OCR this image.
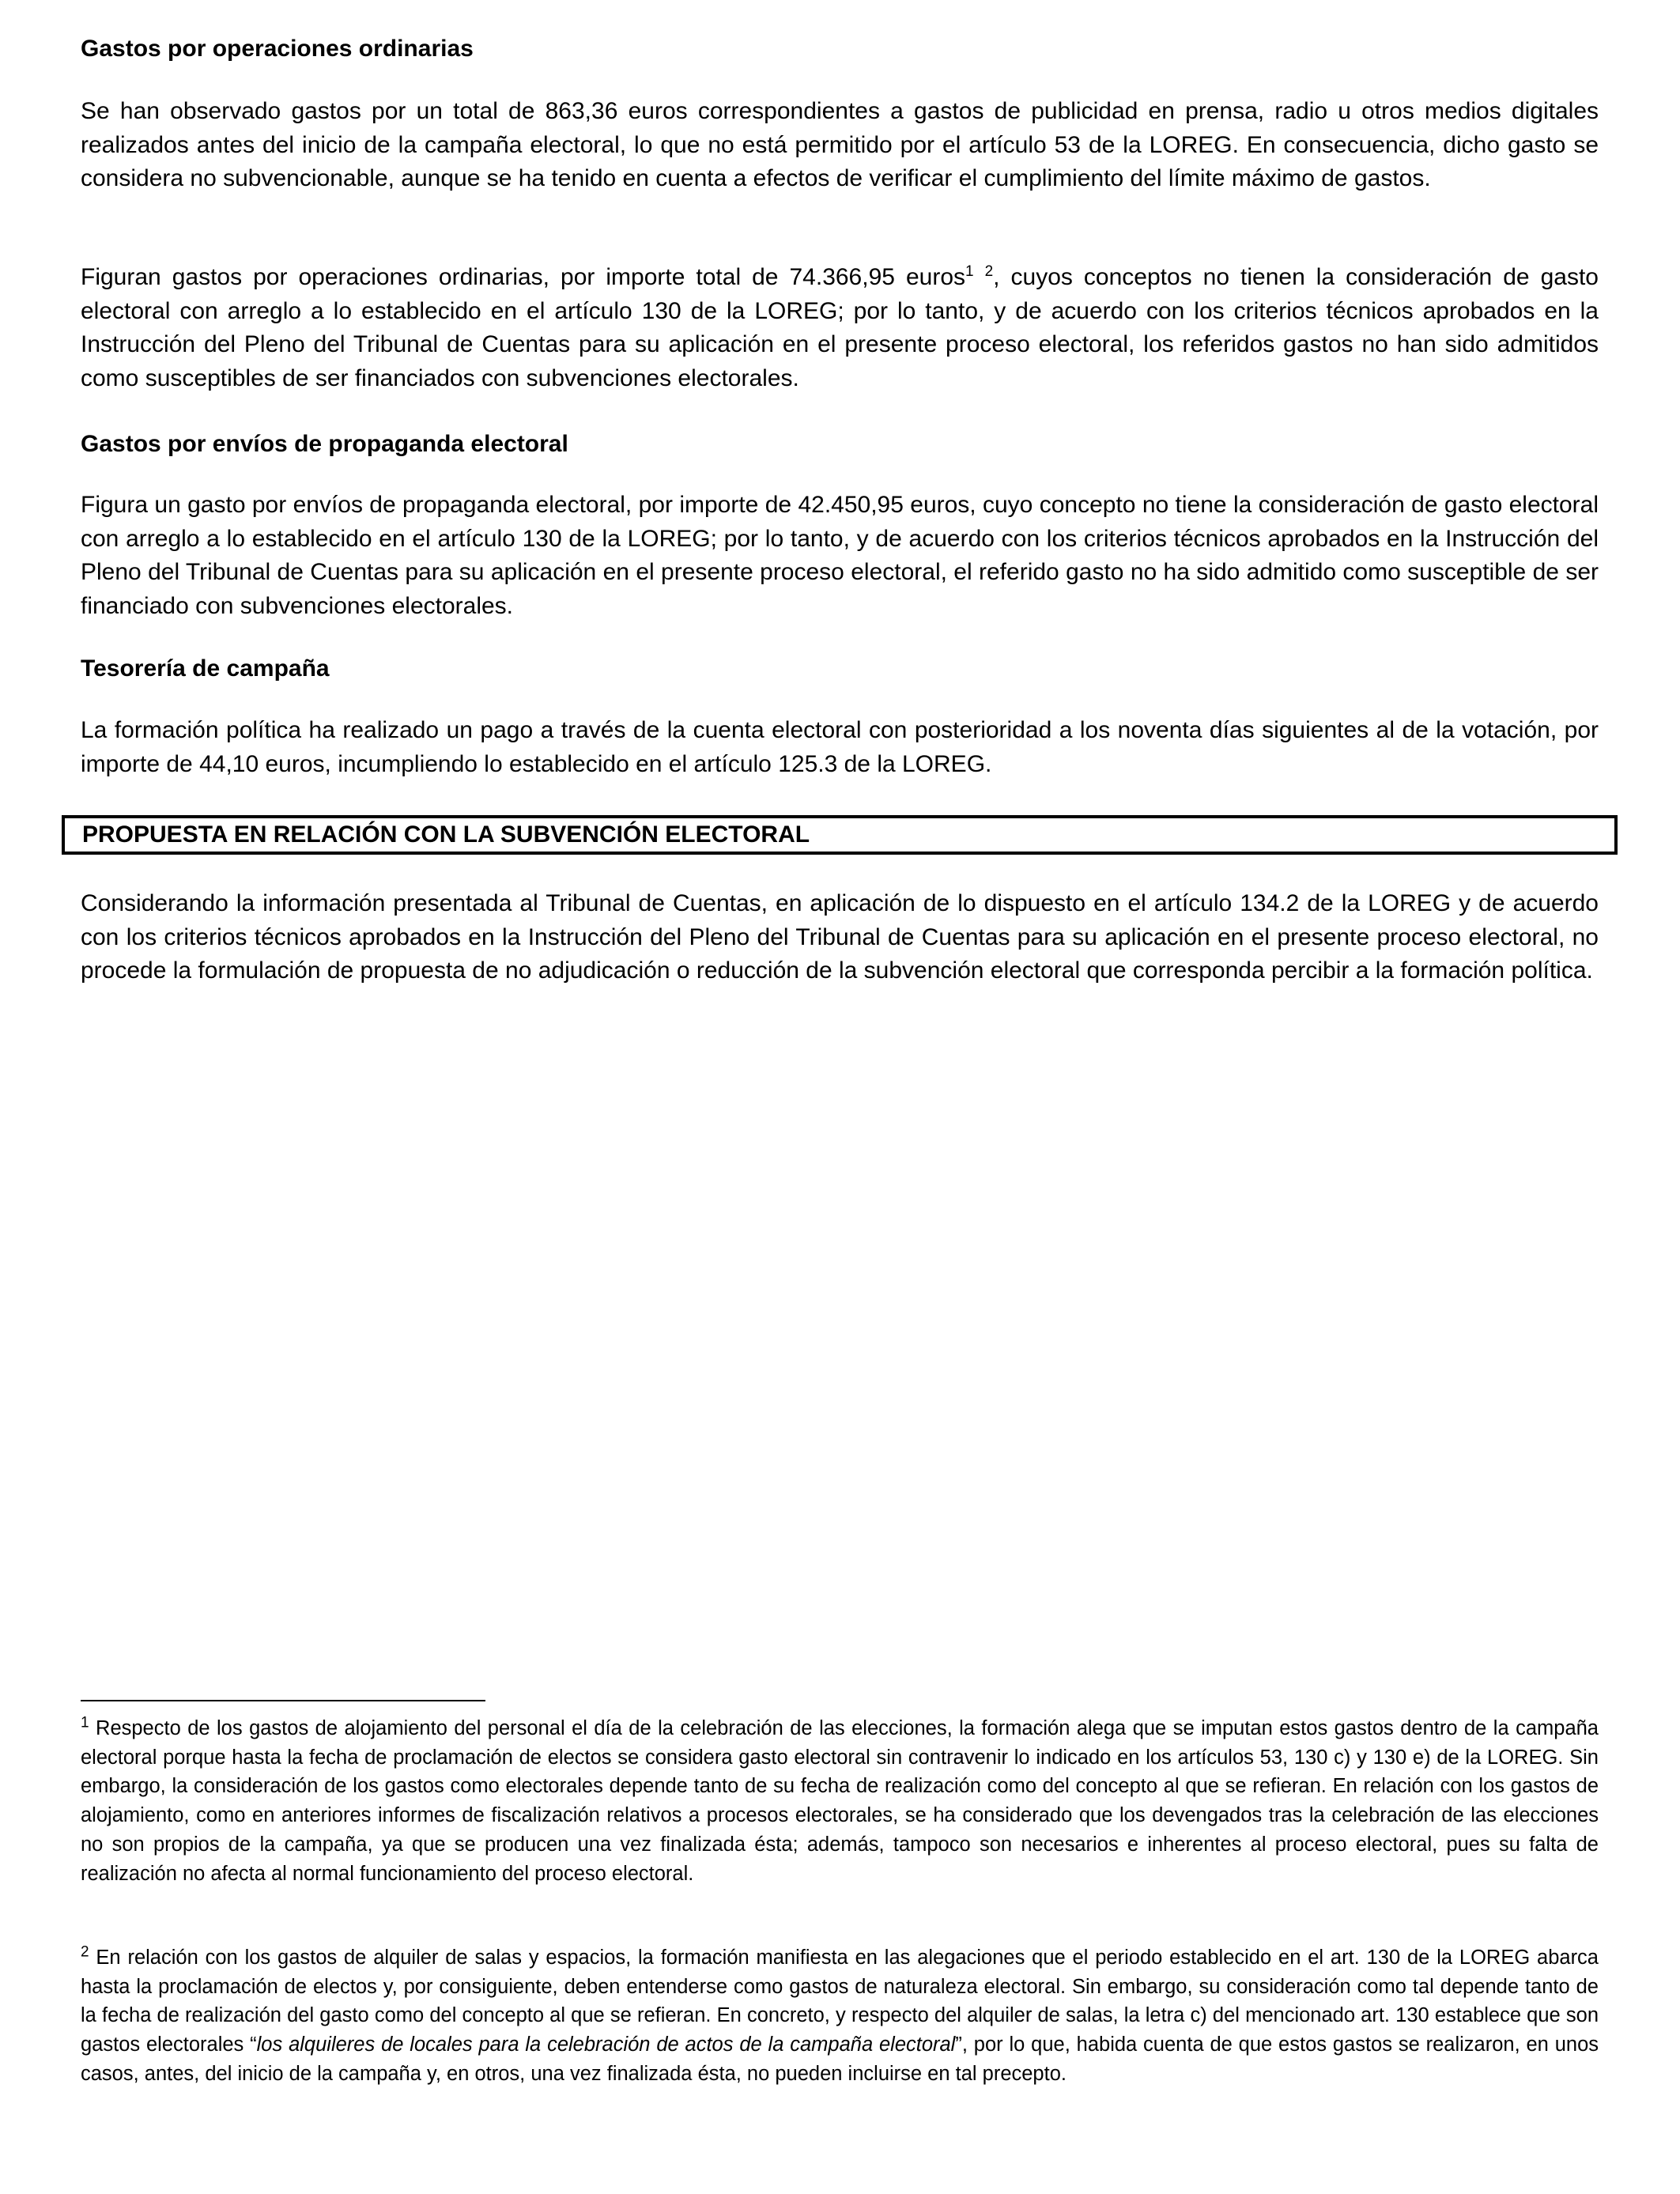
Gastos por operaciones ordinarias

Se han observado gastos por un total de 863,36 euros correspondientes a gastos de publicidad en prensa, radio u otros medios digitales realizados antes del inicio de la campaña electoral, lo que no está permitido por el artículo 53 de la LOREG. En consecuencia, dicho gasto se considera no subvencionable, aunque se ha tenido en cuenta a efectos de verificar el cumplimiento del límite máximo de gastos.

Figuran gastos por operaciones ordinarias, por importe total de 74.366,95 euros$^1$ $^2$, cuyos conceptos no tienen la consideración de gasto electoral con arreglo a lo establecido en el artículo 130 de la LOREG; por lo tanto, y de acuerdo con los criterios técnicos aprobados en la Instrucción del Pleno del Tribunal de Cuentas para su aplicación en el presente proceso electoral, los referidos gastos no han sido admitidos como susceptibles de ser financiados con subvenciones electorales.

Gastos por envíos de propaganda electoral

Figura un gasto por envíos de propaganda electoral, por importe de 42.450,95 euros, cuyo concepto no tiene la consideración de gasto electoral con arreglo a lo establecido en el artículo 130 de la LOREG; por lo tanto, y de acuerdo con los criterios técnicos aprobados en la Instrucción del Pleno del Tribunal de Cuentas para su aplicación en el presente proceso electoral, el referido gasto no ha sido admitido como susceptible de ser financiado con subvenciones electorales.

Tesorería de campaña

La formación política ha realizado un pago a través de la cuenta electoral con posterioridad a los noventa días siguientes al de la votación, por importe de 44,10 euros, incumpliendo lo establecido en el artículo 125.3 de la LOREG.

PROPUESTA EN RELACIÓN CON LA SUBVENCIÓN ELECTORAL

Considerando la información presentada al Tribunal de Cuentas, en aplicación de lo dispuesto en el artículo 134.2 de la LOREG y de acuerdo con los criterios técnicos aprobados en la Instrucción del Pleno del Tribunal de Cuentas para su aplicación en el presente proceso electoral, no procede la formulación de propuesta de no adjudicación o reducción de la subvención electoral que corresponda percibir a la formación política.

$^1$ Respecto de los gastos de alojamiento del personal el día de la celebración de las elecciones, la formación alega que se imputan estos gastos dentro de la campaña electoral porque hasta la fecha de proclamación de electos se considera gasto electoral sin contravenir lo indicado en los artículos 53, 130 c) y 130 e) de la LOREG. Sin embargo, la consideración de los gastos como electorales depende tanto de su fecha de realización como del concepto al que se refieran. En relación con los gastos de alojamiento, como en anteriores informes de fiscalización relativos a procesos electorales, se ha considerado que los devengados tras la celebración de las elecciones no son propios de la campaña, ya que se producen una vez finalizada ésta; además, tampoco son necesarios e inherentes al proceso electoral, pues su falta de realización no afecta al normal funcionamiento del proceso electoral.

$^2$ En relación con los gastos de alquiler de salas y espacios, la formación manifiesta en las alegaciones que el periodo establecido en el art. 130 de la LOREG abarca hasta la proclamación de electos y, por consiguiente, deben entenderse como gastos de naturaleza electoral. Sin embargo, su consideración como tal depende tanto de la fecha de realización del gasto como del concepto al que se refieran. En concreto, y respecto del alquiler de salas, la letra c) del mencionado art. 130 establece que son gastos electorales “los alquileres de locales para la celebración de actos de la campaña electoral”, por lo que, habida cuenta de que estos gastos se realizaron, en unos casos, antes, del inicio de la campaña y, en otros, una vez finalizada ésta, no pueden incluirse en tal precepto.
